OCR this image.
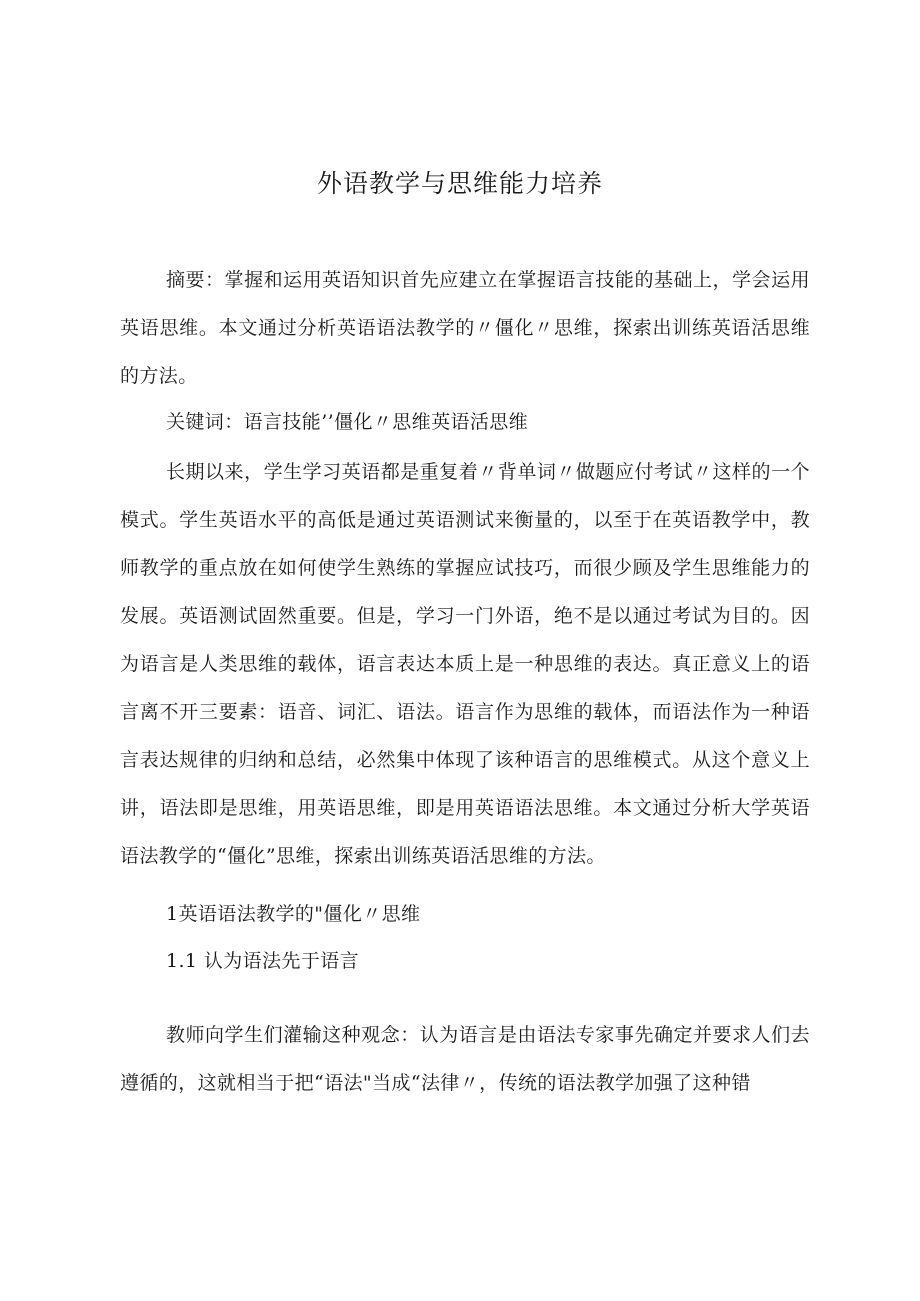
外语教学与思维能力培养

摘要：掌握和运用英语知识首先应建立在掌握语言技能的基础上，学会运用英语思维。本文通过分析英语语法教学的〃僵化〃思维，探索出训练英语活思维的方法。

关键词：语言技能’’僵化〃思维英语活思维

长期以来，学生学习英语都是重复着〃背单词〃做题应付考试〃这样的一个模式。学生英语水平的高低是通过英语测试来衡量的，以至于在英语教学中，教师教学的重点放在如何使学生熟练的掌握应试技巧，而很少顾及学生思维能力的发展。英语测试固然重要。但是，学习一门外语，绝不是以通过考试为目的。因为语言是人类思维的载体，语言表达本质上是一种思维的表达。真正意义上的语言离不开三要素：语音、词汇、语法。语言作为思维的载体，而语法作为一种语言表达规律的归纳和总结，必然集中体现了该种语言的思维模式。从这个意义上讲，语法即是思维，用英语思维，即是用英语语法思维。本文通过分析大学英语语法教学的“僵化”思维，探索出训练英语活思维的方法。

1英语语法教学的"僵化〃思维

1.1 认为语法先于语言

教师向学生们灌输这种观念：认为语言是由语法专家事先确定并要求人们去遵循的，这就相当于把“语法"当成“法律〃，传统的语法教学加强了这种错
